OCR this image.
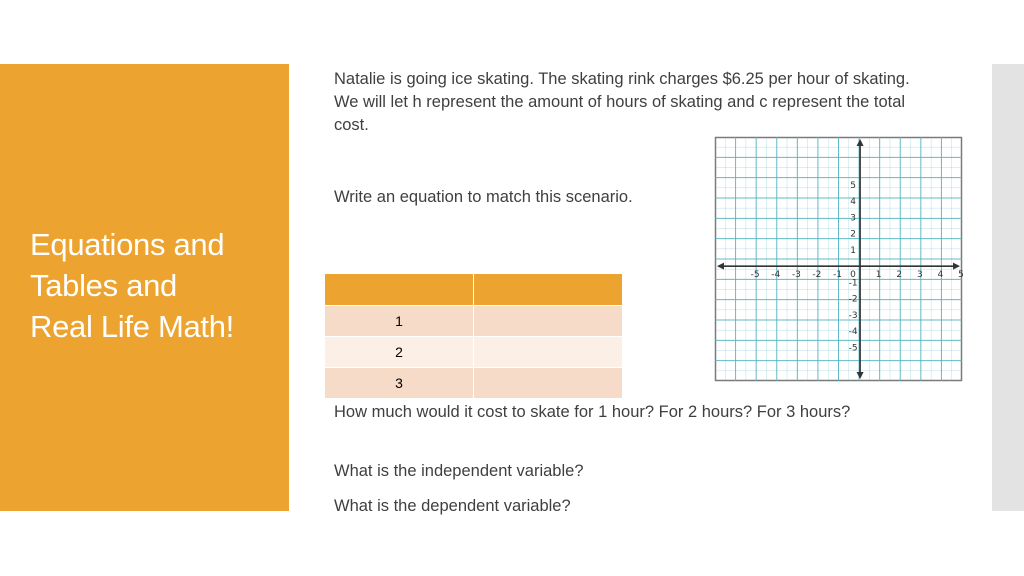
Equations and
Tables and
Real Life Math!
Natalie is going ice skating. The skating rink charges $6.25 per hour of skating. We will let h represent the amount of hours of skating and c represent the total cost.
Write an equation to match this scenario.

1	
2	
3	
How much would it cost to skate for 1 hour? For 2 hours? For 3 hours?
What is the independent variable?
What is the dependent variable?
-5 -4 -3 -2 -1 0 1 2 3 4 5
5
4
3
2
1
-1
-2
-3
-4
-5
